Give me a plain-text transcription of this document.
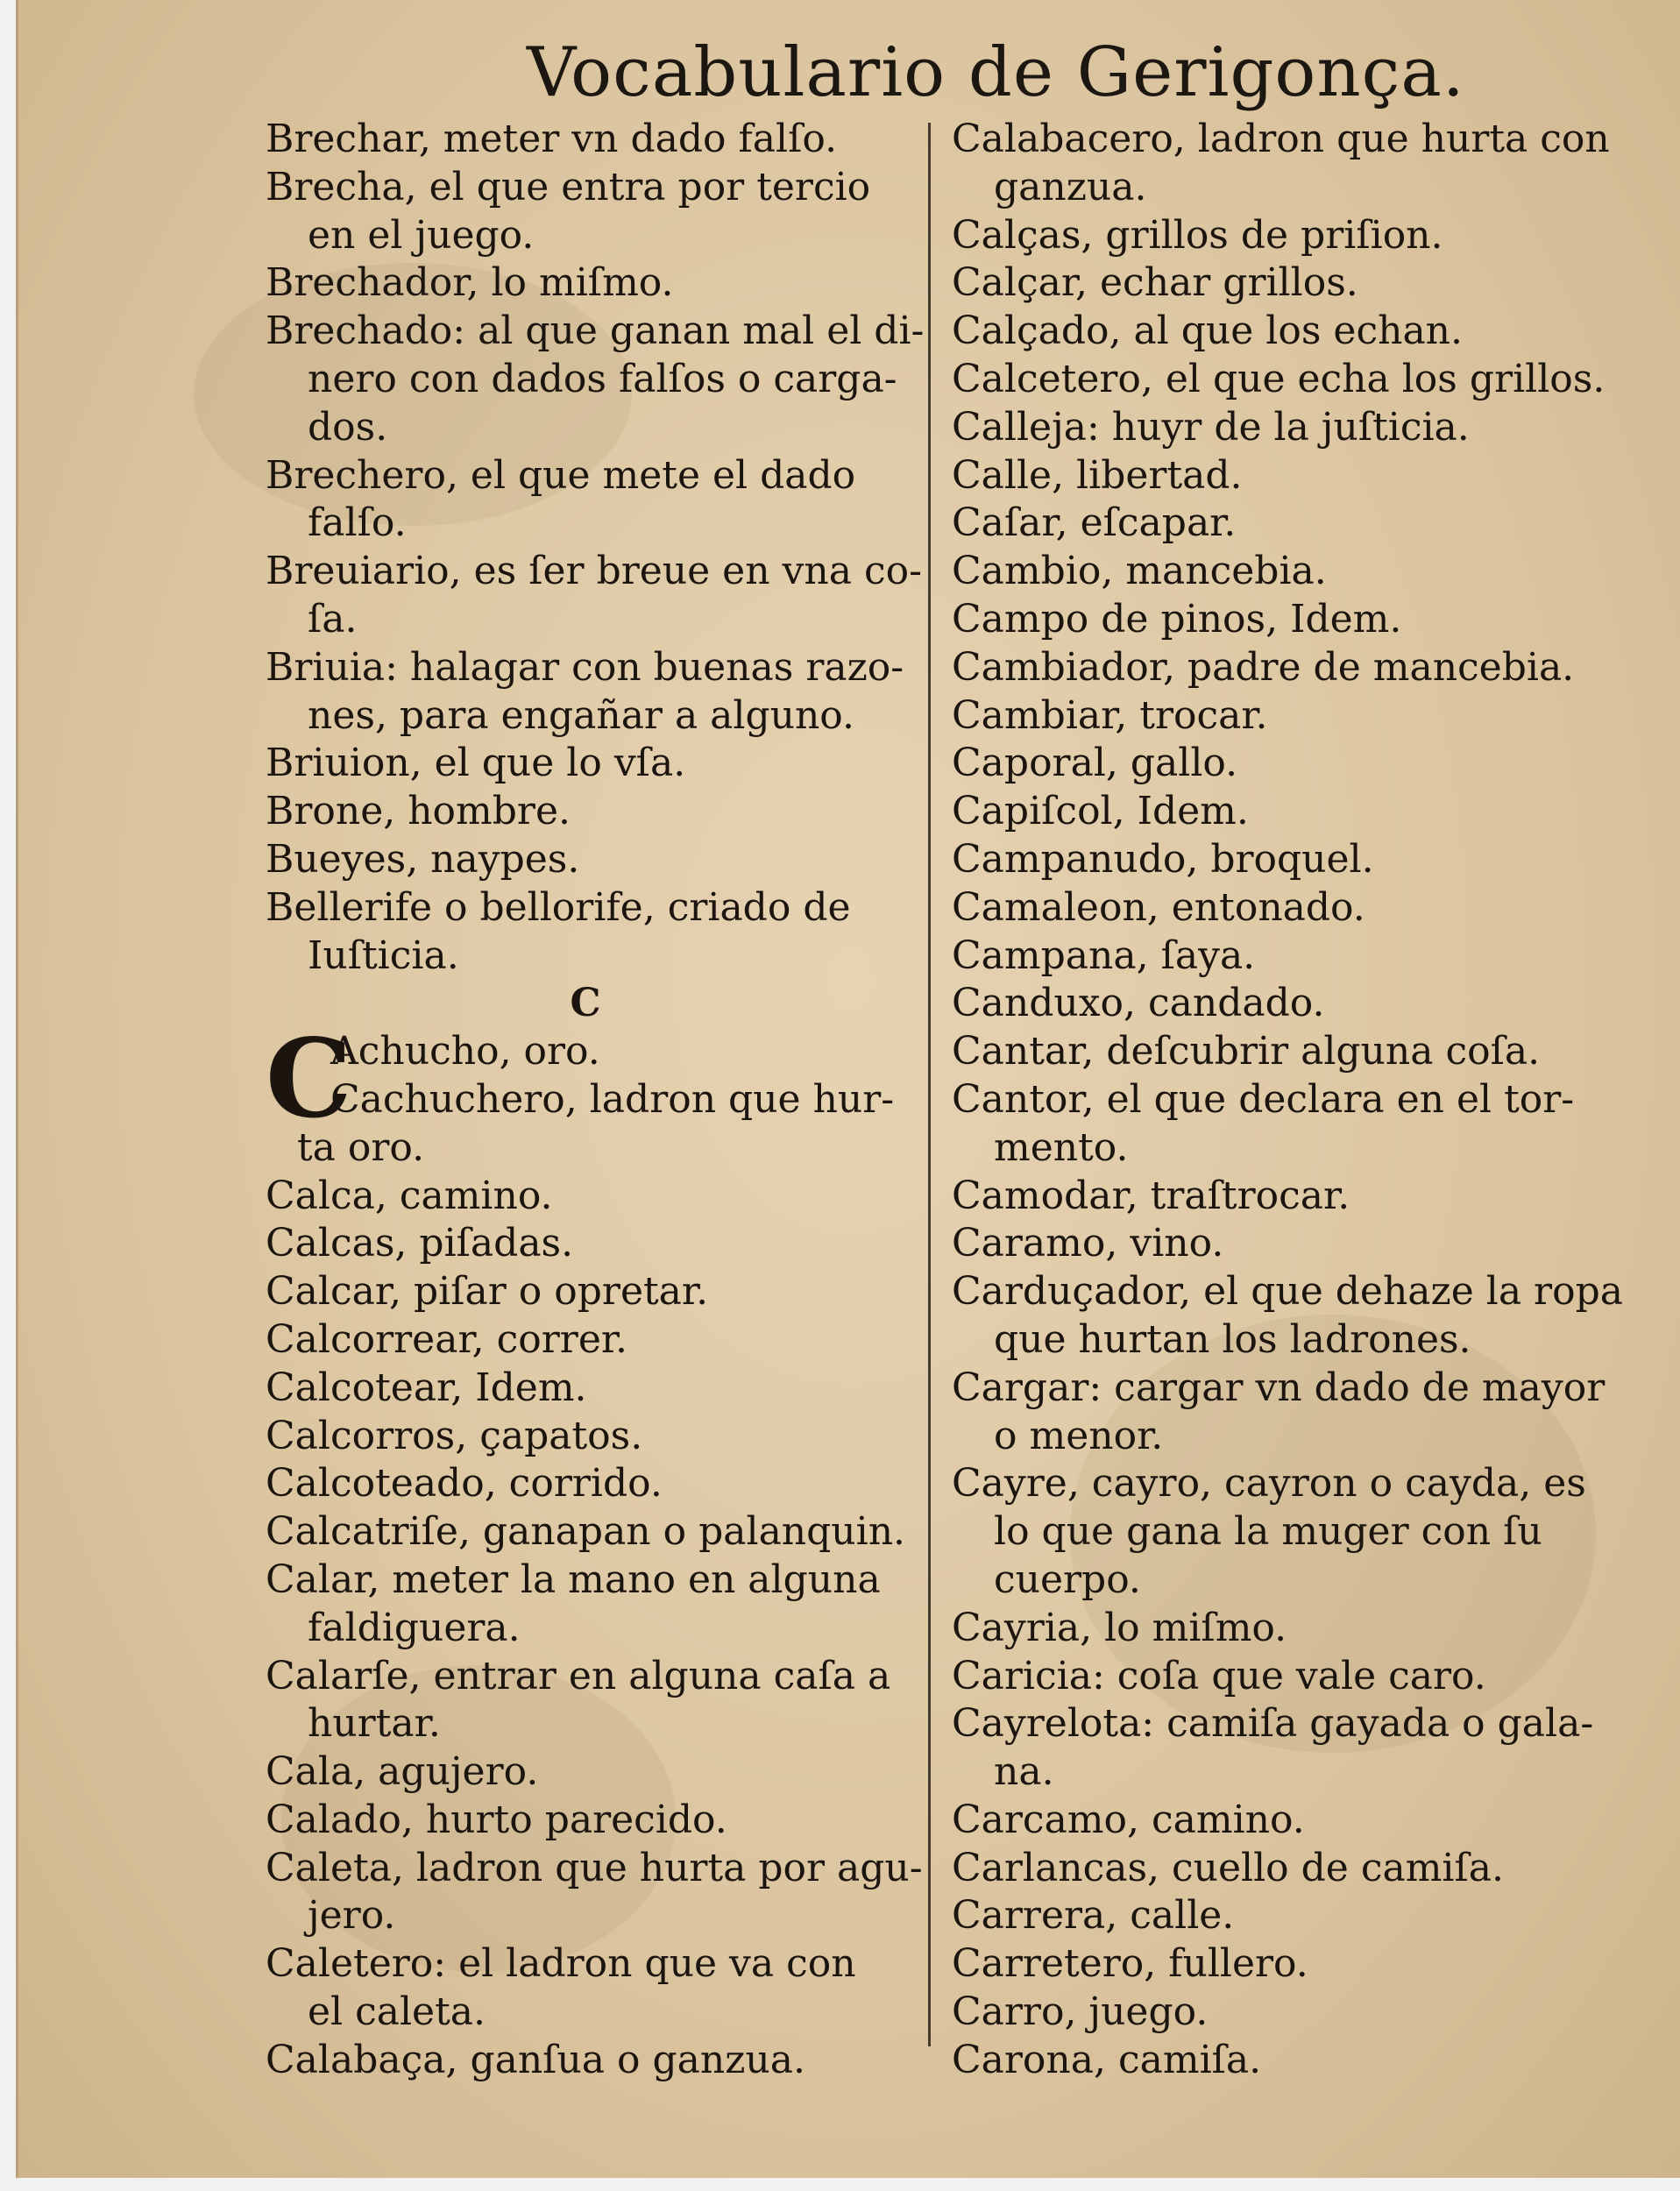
Vocabulario de Gerigonça.
Brechar, meter vn dado falſo.
Brecha, el que entra por tercio
en el juego.
Brechador, lo miſmo.
Brechado: al que ganan mal el di-
nero con dados falſos o carga-
dos.
Brechero, el que mete el dado
falſo.
Breuiario, es ſer breue en vna co-
ſa.
Briuia: halagar con buenas razo-
nes, para engañar a alguno.
Briuion, el que lo vſa.
Brone, hombre.
Bueyes, naypes.
Bellerife o bellorife, criado de
Iuſticia.
C
C
Achucho, oro.
Cachuchero, ladron que hur-
ta oro.
Calca, camino.
Calcas, piſadas.
Calcar, piſar o opretar.
Calcorrear, correr.
Calcotear, Idem.
Calcorros, çapatos.
Calcoteado, corrido.
Calcatriſe, ganapan o palanquin.
Calar, meter la mano en alguna
faldiguera.
Calarſe, entrar en alguna caſa a
hurtar.
Cala, agujero.
Calado, hurto parecido.
Caleta, ladron que hurta por agu-
jero.
Caletero: el ladron que va con
el caleta.
Calabaça, ganſua o ganzua.
Calabacero, ladron que hurta con
ganzua.
Calças, grillos de priſion.
Calçar, echar grillos.
Calçado, al que los echan.
Calcetero, el que echa los grillos.
Calleja: huyr de la juſticia.
Calle, libertad.
Caſar, eſcapar.
Cambio, mancebia.
Campo de pinos, Idem.
Cambiador, padre de mancebia.
Cambiar, trocar.
Caporal, gallo.
Capiſcol, Idem.
Campanudo, broquel.
Camaleon, entonado.
Campana, ſaya.
Canduxo, candado.
Cantar, deſcubrir alguna coſa.
Cantor, el que declara en el tor-
mento.
Camodar, traſtrocar.
Caramo, vino.
Carduçador, el que dehaze la ropa
que hurtan los ladrones.
Cargar: cargar vn dado de mayor
o menor.
Cayre, cayro, cayron o cayda, es
lo que gana la muger con ſu
cuerpo.
Cayria, lo miſmo.
Caricia: coſa que vale caro.
Cayrelota: camiſa gayada o gala-
na.
Carcamo, camino.
Carlancas, cuello de camiſa.
Carrera, calle.
Carretero, fullero.
Carro, juego.
Carona, camiſa.
